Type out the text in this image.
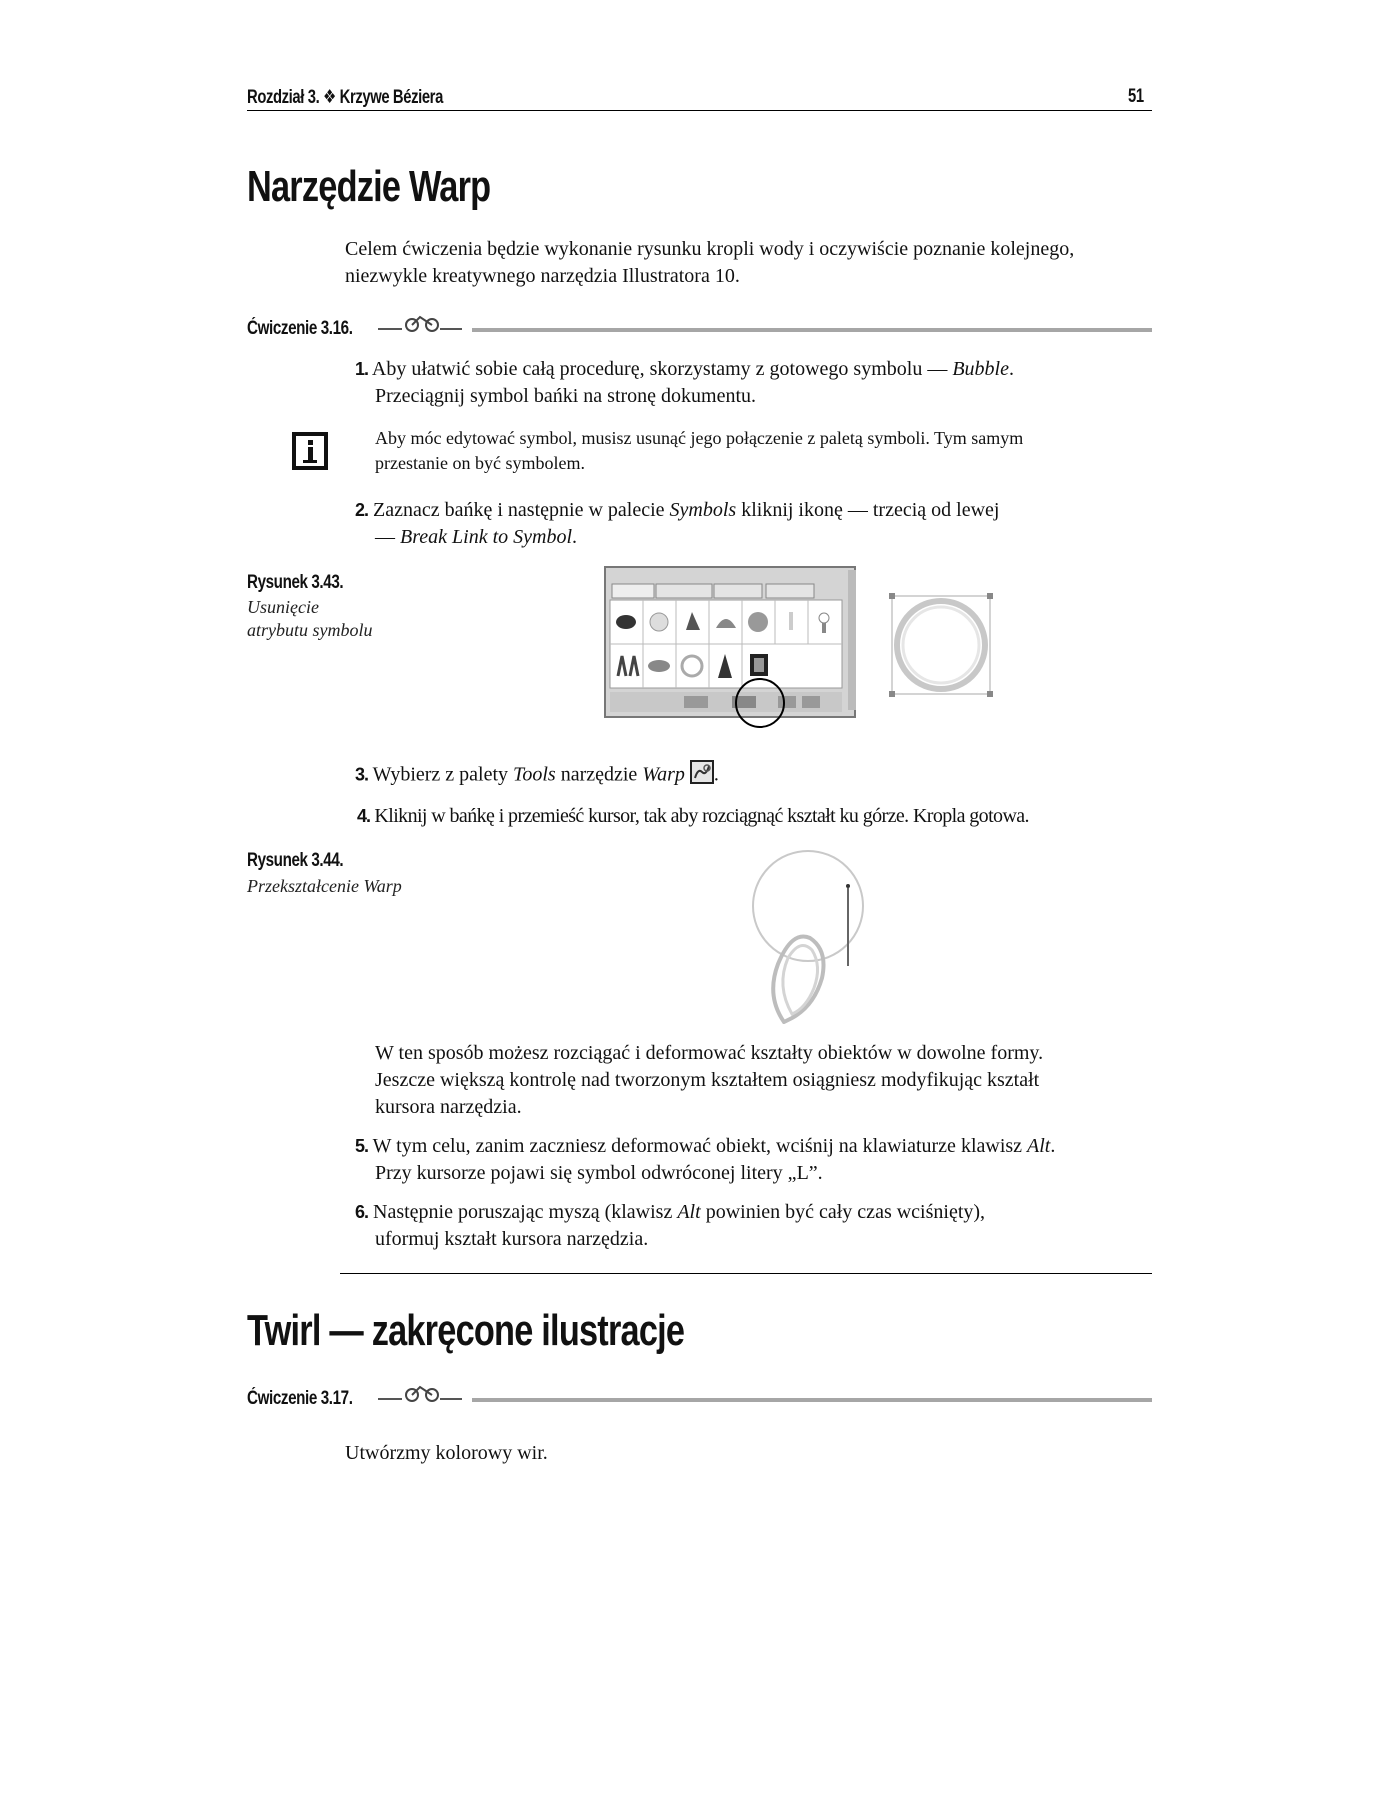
Rozdział 3. ❖ Krzywe Béziera	51
Narzędzie Warp
Celem ćwiczenia będzie wykonanie rysunku kropli wody i oczywiście poznanie kolejnego,
niezwykle kreatywnego narzędzia Illustratora 10.
Ćwiczenie 3.16.
1. Aby ułatwić sobie całą procedurę, skorzystamy z gotowego symbolu — Bubble.
Przeciągnij symbol bańki na stronę dokumentu.
Aby móc edytować symbol, musisz usunąć jego połączenie z paletą symboli. Tym samym
przestanie on być symbolem.
2. Zaznacz bańkę i następnie w palecie Symbols kliknij ikonę — trzecią od lewej
— Break Link to Symbol.
Rysunek 3.43.
Usunięcie
atrybutu symbolu
3. Wybierz z palety Tools narzędzie Warp .
4. Kliknij w bańkę i przemieść kursor, tak aby rozciągnąć kształt ku górze. Kropla gotowa.
Rysunek 3.44.
Przekształcenie Warp
W ten sposób możesz rozciągać i deformować kształty obiektów w dowolne formy.
Jeszcze większą kontrolę nad tworzonym kształtem osiągniesz modyfikując kształt
kursora narzędzia.
5. W tym celu, zanim zaczniesz deformować obiekt, wciśnij na klawiaturze klawisz Alt.
Przy kursorze pojawi się symbol odwróconej litery „L”.
6. Następnie poruszając myszą (klawisz Alt powinien być cały czas wciśnięty),
uformuj kształt kursora narzędzia.
Twirl — zakręcone ilustracje
Ćwiczenie 3.17.
Utwórzmy kolorowy wir.
